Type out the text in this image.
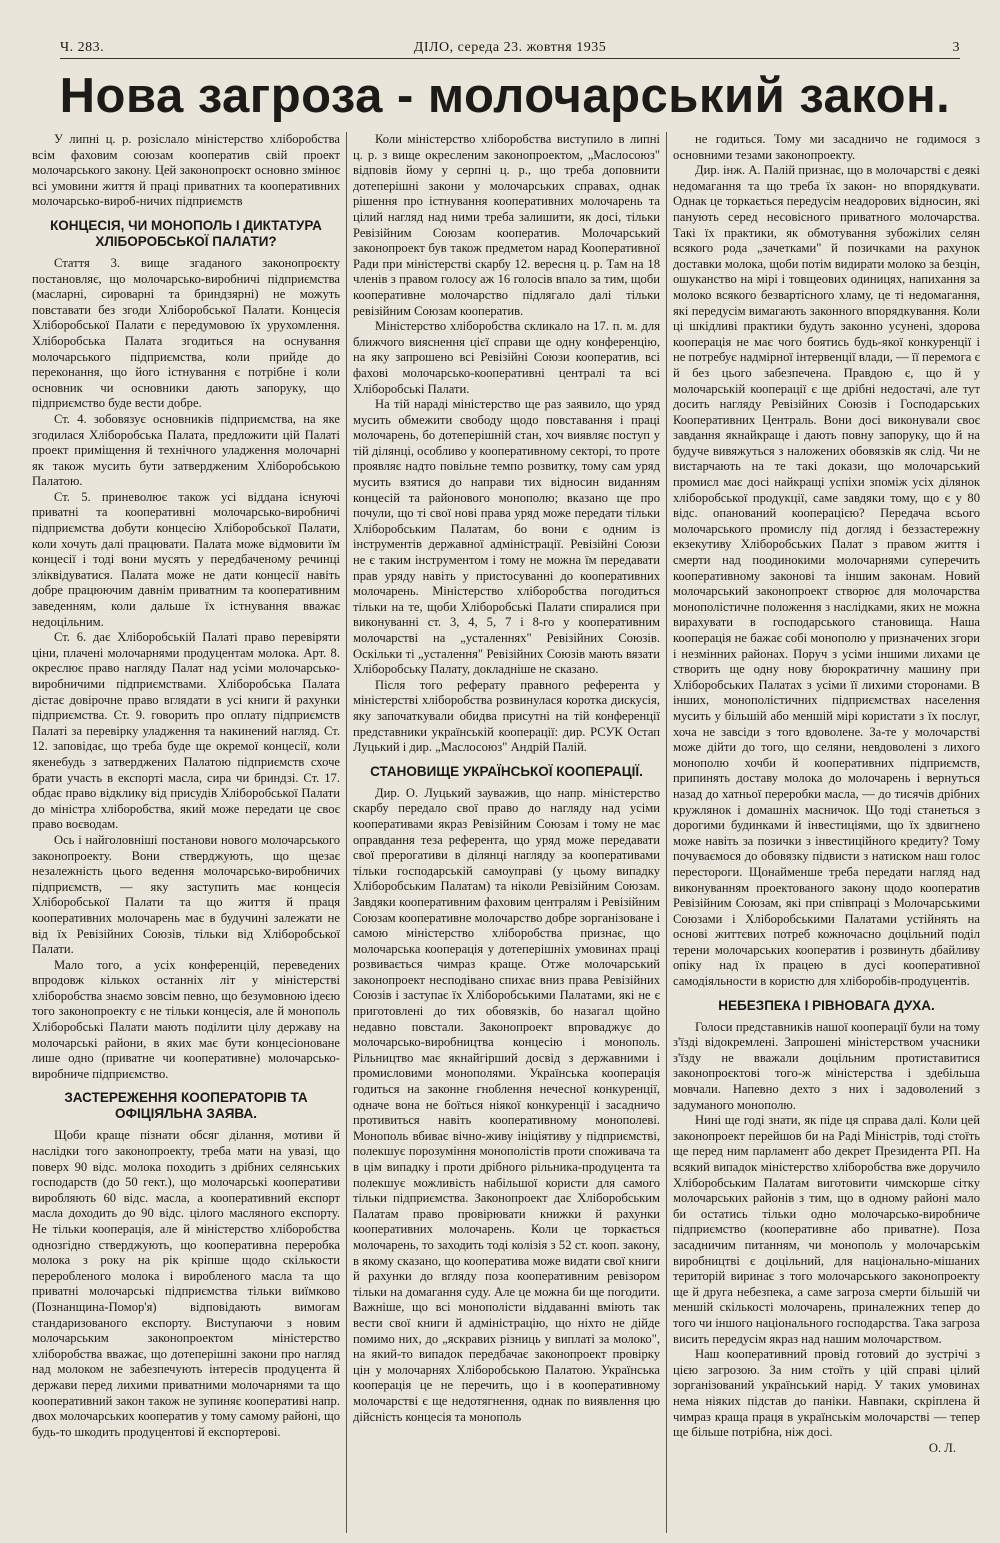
Ч. 283.	ДІЛО, середа 23. жовтня 1935	3
Нова загроза - молочарський закон.

У липні ц. р. розіслало міністерство хліборобства всім фаховим союзам кооператив свій проект молочарського закону. Цей законопроєкт основно змінює всі умовини життя й праці приватних та кооперативних молочарсько-вироб-ничих підприємств

КОНЦЕСІЯ, ЧИ МОНОПОЛЬ І ДИКТАТУРА ХЛІБОРОБСЬКОЇ ПАЛАТИ?

Стаття 3. вище згаданого законопроєкту постановляє, що молочарсько-виробничі підприємства (масларні, сироварні та бриндзярні) не можуть повставати без згоди Хліборобської Палати. Концесія Хліборобської Палати є передумовою їх урухомлення. Хліборобська Палата згодиться на оснування молочарського підприємства, коли прийде до переконання, що його істнування є потрібне і коли основник чи основники дають запоруку, що підприємство буде вести добре.

Ст. 4. зобовязує основників підприємства, на яке згодилася Хліборобська Палата, предложити цій Палаті проект приміщення й технічного уладження молочарні як також мусить бути затвердженим Хліборобською Палатою.

Ст. 5. приневолює також усі віддана існуючі приватні та кооперативні молочарсько-виробничі підприємства добути концесію Хліборобської Палати, коли хочуть далі працювати. Палата може відмовити їм концесії і тоді вони мусять у передбаченому речинці зліквідуватися. Палата може не дати концесії навіть добре працюючим давнім приватним та кооперативним заведенням, коли дальше їх істнування вважає недоцільним.

Ст. 6. дає Хліборобській Палаті право перевіряти ціни, плачені молочарнями продуцентам молока. Арт. 8. окреслює право нагляду Палат над усіми молочарсько-виробничими підприємствами. Хліборобська Палата дістає довірочне право вглядати в усі книги й рахунки підприємства. Ст. 9. говорить про оплату підприємств Палаті за перевірку уладження та накинений нагляд. Ст. 12. заповідає, що треба буде ще окремої концесії, коли якенебудь з затверджених Палатою підприємств схоче брати участь в експорті масла, сира чи бриндзі. Ст. 17. обдає право відклику від присудів Хліборобської Палати до міністра хліборобства, який може передати це своє право воєводам.

Ось і найголовніші постанови нового молочарського законопроекту. Вони стверджують, що щезає незалежність цього ведення молочарсько-виробничих підприємств, — яку заступить має концесія Хліборобської Палати та що життя й праця кооперативних молочарень має в будучині залежати не від їх Ревізійних Союзів, тільки від Хліборобської Палати.

Мало того, а усіх конференцій, переведених впродовж кількох останніх літ у міністерстві хліборобства знаємо зовсім певно, що безумовною ідеєю того законопроекту є не тільки концесія, але й монополь Хліборобські Палати мають поділити цілу державу на молочарські райони, в яких має бути концесіоноване лише одно (приватне чи кооперативне) молочарсько-виробниче підприємство.

ЗАСТЕРЕЖЕННЯ КООПЕРАТОРІВ ТА ОФІЦІЯЛЬНА ЗАЯВА.

Щоби краще пізнати обсяг ділання, мотиви й наслідки того законопроекту, треба мати на увазі, що поверх 90 відс. молока походить з дрібних селянських господарств (до 50 гект.), що молочарські кооперативи виробляють 60 відс. масла, а кооперативний експорт масла доходить до 90 відс. цілого масляного експорту. Не тільки кооперація, але й міністерство хліборобства однозгідно стверджують, що кооперативна переробка молока з року на рік кріпше щодо скількости переробленого молока і виробленого масла та що приватні молочарські підприємства тільки виїмково (Познанщина-Помор'я) відповідають вимогам стандаризованого експорту. Виступаючи з новим молочарським законопроектом міністерство хліборобства вважає, що дотеперішні закони про нагляд над молоком не забезпечують інтересів продуцента й держави перед лихими приватними молочарнями та що кооперативний закон також не зупиняє кооперативі напр. двох молочарських кооператив у тому самому районі, що будь-то шкодить продуцентові й експортерові.

Коли міністерство хліборобства виступило в липні ц. р. з вище окресленим законопроектом, „Маслосоюз" відповів йому у серпні ц. р., що треба доповнити дотеперішні закони у молочарських справах, однак рішення про істнування кооперативних молочарень та цілий нагляд над ними треба залишити, як досі, тільки Ревізійним Союзам кооператив. Молочарський законопроект був також предметом нарад Кооперативної Ради при міністерстві скарбу 12. вересня ц. р. Там на 18 членів з правом голосу аж 16 голосів впало за тим, щоби кооперативне молочарство підлягало далі тільки ревізійним Союзам кооператив.

Міністерство хліборобства скликало на 17. п. м. для ближчого вияснення цієї справи ще одну конференцію, на яку запрошено всі Ревізійні Союзи кооператив, всі фахові молочарсько-кооперативні централі та всі Хліборобські Палати.

На тій нараді міністерство ще раз заявило, що уряд мусить обмежити свободу щодо повставання і праці молочарень, бо дотеперішній стан, хоч виявляє поступ у тій ділянці, особливо у кооперативному секторі, то проте проявляє надто повільне темпо розвитку, тому сам уряд мусить взятися до направи тих відносин виданням концесій та районового монополю; вказано ще про почули, що ті свої нові права уряд може передати тільки Хліборобським Палатам, бо вони є одним із інструментів державної адміністрації. Ревізійні Союзи не є таким інструментом і тому не можна їм передавати прав уряду навіть у пристосуванні до кооперативних молочарень. Міністерство хліборобства погодиться тільки на те, щоби Хліборобські Палати спиралися при виконуванні ст. 3, 4, 5, 7 і 8-го у кооперативним молочарстві на „усталеннях" Ревізійних Союзів. Оскільки ті „усталення" Ревізійних Союзів мають вязати Хліборобську Палату, докладніше не сказано.

Після того реферату правного референта у міністерстві хліборобства розвинулася коротка дискусія, яку започаткували обидва присутні на тій конференції представники українській кооперації: дир. РСУК Остап Луцький і дир. „Маслосоюз" Андрій Палій.

СТАНОВИЩЕ УКРАЇНСЬКОЇ КООПЕРАЦІЇ.

Дир. О. Луцький зауважив, що напр. міністерство скарбу передало свої право до нагляду над усіми кооперативами якраз Ревізійним Союзам і тому не має оправдання теза референта, що уряд може передавати свої прерогативи в ділянці нагляду за кооперативами тільки господарській самоуправі (у цьому випадку Хліборобським Палатам) та ніколи Ревізійним Союзам. Завдяки кооперативним фаховим централям і Ревізійним Союзам кооперативне молочарство добре зорганізоване і самою міністерство хліборобства признає, що молочарська кооперація у дотеперішніх умовинах праці розвивається чимраз краще. Отже молочарський законопроект несподівано спихає вниз права Ревізійних Союзів і заступає їх Хліборобськими Палатами, які не є приготовлені до тих обовязків, бо назагал щойно недавно повстали. Законопроект впроваджує до молочарсько-виробництва концесію і монополь. Рільництво має якнайгірший досвід з державними і промисловими монополями. Українська кооперація годиться на законне гноблення нечесної конкуренції, одначе вона не боїться ніякої конкуренції і засадничо противиться навіть кооперативному монополеві. Монополь вбиває вічно-живу ініціятиву у підприємстві, полекшує порозуміння монополістів проти споживача та в цім випадку і проти дрібного рільника-продуцента та полекшує можливість набільшої користи для самого тільки підприємства. Законопроект дає Хліборобським Палатам право провірювати книжки й рахунки кооперативних молочарень. Коли це торкається молочарень, то заходить тоді колізія з 52 ст. кооп. закону, в якому сказано, що кооператива може видати свої книги й рахунки до вгляду поза кооперативним ревізором тільки на домагання суду. Але це можна би ще погодити. Важніше, що всі монополісти віддаванні вміють так вести свої книги й адміністрацію, що ніхто не дійде помимо них, до „яскравих різниць у виплаті за молоко", на який-то випадок передбачає законопроект провірку цін у молочарнях Хліборобською Палатою. Українська кооперація це не перечить, що і в кооперативному молочарстві є ще недотягнення, однак по виявлення цю дійсність концесія та монополь

не годиться. Тому ми засадничо не годимося з основними тезами законопроекту.

Дир. інж. А. Палій признає, що в молочарстві є деякі недомагання та що треба їх закон- но впорядкувати. Однак це торкається передусім неадорових відносин, які панують серед несовісного приватного молочарства. Такі їх практики, як обмотування зубожілих селян всякого рода „зачетками" й позичками на рахунок доставки молока, щоби потім видирати молоко за безцін, ошуканство на мірі і товщеових одиницях, напихання за молоко всякого безвартісного хламу, це ті недомагання, які передусім вимагають законного впорядкування. Коли ці шкідливі практики будуть законно усунені, здорова кооперація не має чого боятись будь-якої конкуренції і не потребує надмірної інтервенції влади, — її перемога є й без цього забезпечена. Правдою є, що й у молочарській кооперації є ще дрібні недостачі, але тут досить нагляду Ревізійних Союзів і Господарських Кооперативних Централь. Вони досі виконували своє завдання якнайкраще і дають повну запоруку, що й на будуче вивяжуться з наложених обовязків як слід. Чи не вистарчають на те такі докази, що молочарський промисл має досі найкращі успіхи зпоміж усіх ділянок хліборобської продукції, саме завдяки тому, що є у 80 відс. опанований кооперацією? Передача всього молочарського промислу під догляд і беззастережну екзекутиву Хліборобських Палат з правом життя і смерти над поодинокими молочарнями суперечить кооперативному законові та іншим законам. Новий молочарський законопроект створює для молочарства монополістичне положення з наслідками, яких не можна вирахувати в господарського становища. Наша кооперація не бажає собі монополю у призначених згори і незмінних районах. Поруч з усіми іншими лихами це створить ще одну нову бюрократичну машину при Хліборобських Палатах з усіми її лихими сторонами. В інших, монополістичних підприємствах населення мусить у більшій або меншій мірі користати з їх послуг, хоча не завсіди з того вдоволене. За-те у молочарстві може дійти до того, що селяни, невдоволені з лихого монополю хочби й кооперативних підприємств, припинять доставу молока до молочарень і вернуться назад до хатньої переробки масла, — до тисячів дрібних кружлянок і домашніх масничок. Що тоді станеться з дорогими будинками й інвестиціями, що їх здвигнено може навіть за позички з інвестиційного кредиту? Тому почуваємося до обовязку підвисти з натиском наш голос перестороги. Щонайменше треба передати нагляд над виконуванням проектованого закону щодо кооператив Ревізійним Союзам, які при співпраці з Молочарськими Союзами і Хліборобськими Палатами устійнять на основі життєвих потреб кожночасно доцільний поділ терени молочарських кооператив і розвинуть дбайливу опіку над їх працею в дусі кооперативної самодіяльности в користю для хліборобів-продуцентів.

НЕБЕЗПЕКА І РІВНОВАГА ДУХА.

Голоси представників нашої кооперації були на тому з'їзді відокремлені. Запрошені міністерством учасники з'їзду не вважали доцільним протиставитися законопроєктові того-ж міністерства і здебільша мовчали. Напевно дехто з них і задоволений з задуманого монополю.

Нині ще годі знати, як піде ця справа далі. Коли цей законопроект перейшов би на Раді Міністрів, тоді стоїть ще перед ним парламент або декрет Президента РП. На всякий випадок міністерство хліборобства вже доручило Хліборобським Палатам виготовити чимскорше сітку молочарських районів з тим, що в одному районі мало би остатись тільки одно молочарсько-виробниче підприємство (кооперативне або приватне). Поза засадничим питанням, чи монополь у молочарськім виробництві є доцільний, для національно-мішаних територій виринає з того молочарського законопроекту ще й друга небезпека, а саме загроза смерти більшій чи меншій скількості молочарень, приналежних тепер до того чи іншого національного господарства. Така загроза висить передусім якраз над нашим молочарством.

Наш кооперативний провід готовий до зустрічі з цією загрозою. За ним стоїть у цій справі цілий зорганізований український нарід. У таких умовинах нема ніяких підстав до паніки. Навпаки, скріплена й чимраз краща праця в українськім молочарстві — тепер ще більше потрібна, ніж досі.

О. Л.
